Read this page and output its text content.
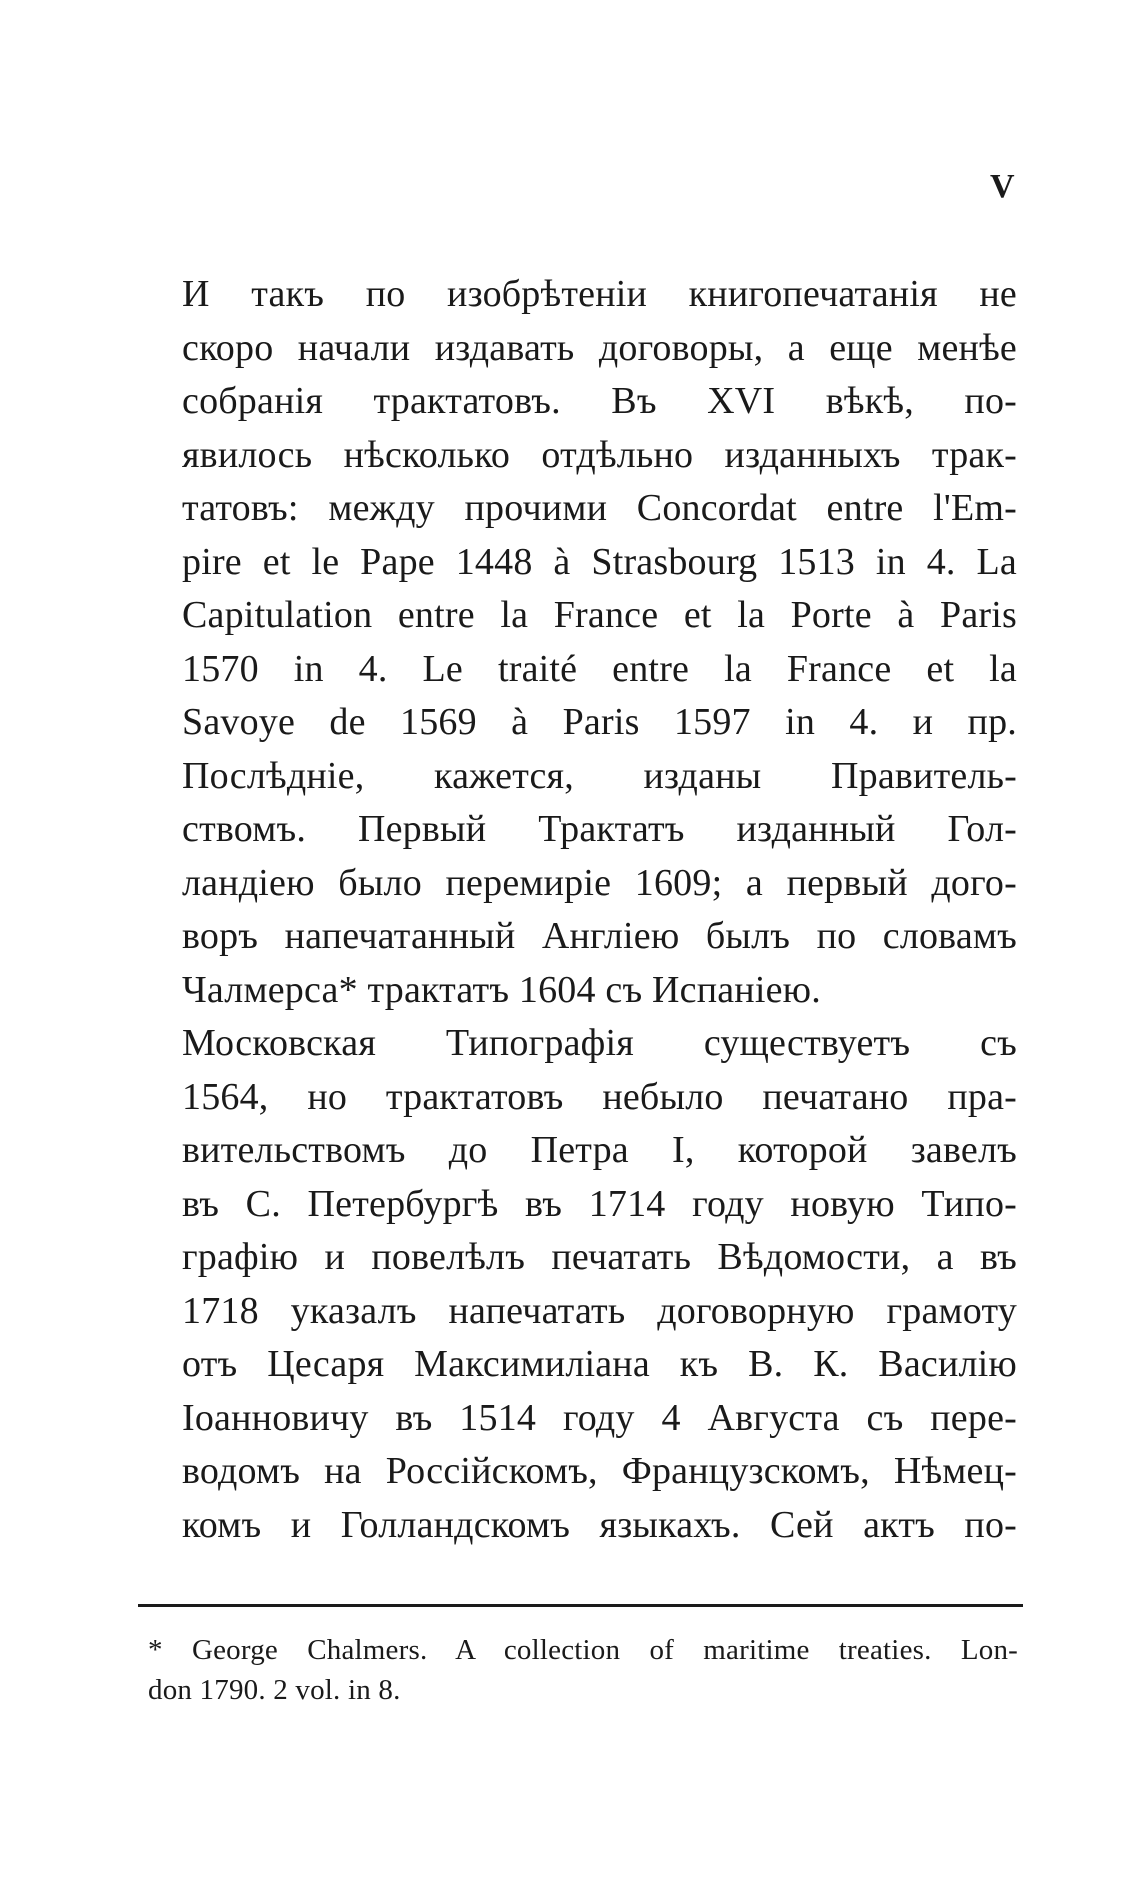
V
И такъ по изобрѣтеніи книгопечатанія не
скоро начали издавать договоры, а еще менѣе
собранія трактатовъ. Въ XVI вѣкѣ, по-
явилось нѣсколько отдѣльно изданныхъ трак-
татовъ: между прочими Concordat entre l'Em-
pire et le Pape 1448 à Strasbourg 1513 in 4. La
Capitulation entre la France et la Porte à Paris
1570 in 4. Le traité entre la France et la
Savoye de 1569 à Paris 1597 in 4. и пр.
Послѣдніе, кажется, изданы Правитель-
ствомъ. Первый Трактатъ изданный Гол-
ландіею было перемиріе 1609; а первый дого-
воръ напечатанный Англіею былъ по словамъ
Чалмерса* трактатъ 1604 съ Испаніею.
Московская Типографія существуетъ съ
1564, но трактатовъ небыло печатано пра-
вительствомъ до Петра I, которой завелъ
въ С. Петербургѣ въ 1714 году новую Типо-
графію и повелѣлъ печатать Вѣдомости, а въ
1718 указалъ напечатать договорную грамоту
отъ Цесаря Максимиліана къ В. К. Василію
Іоанновичу въ 1514 году 4 Августа съ пере-
водомъ на Россійскомъ, Французскомъ, Нѣмец-
комъ и Голландскомъ языкахъ. Сей актъ по-
* George Chalmers. A collection of maritime treaties. Lon-
don 1790. 2 vol. in 8.
